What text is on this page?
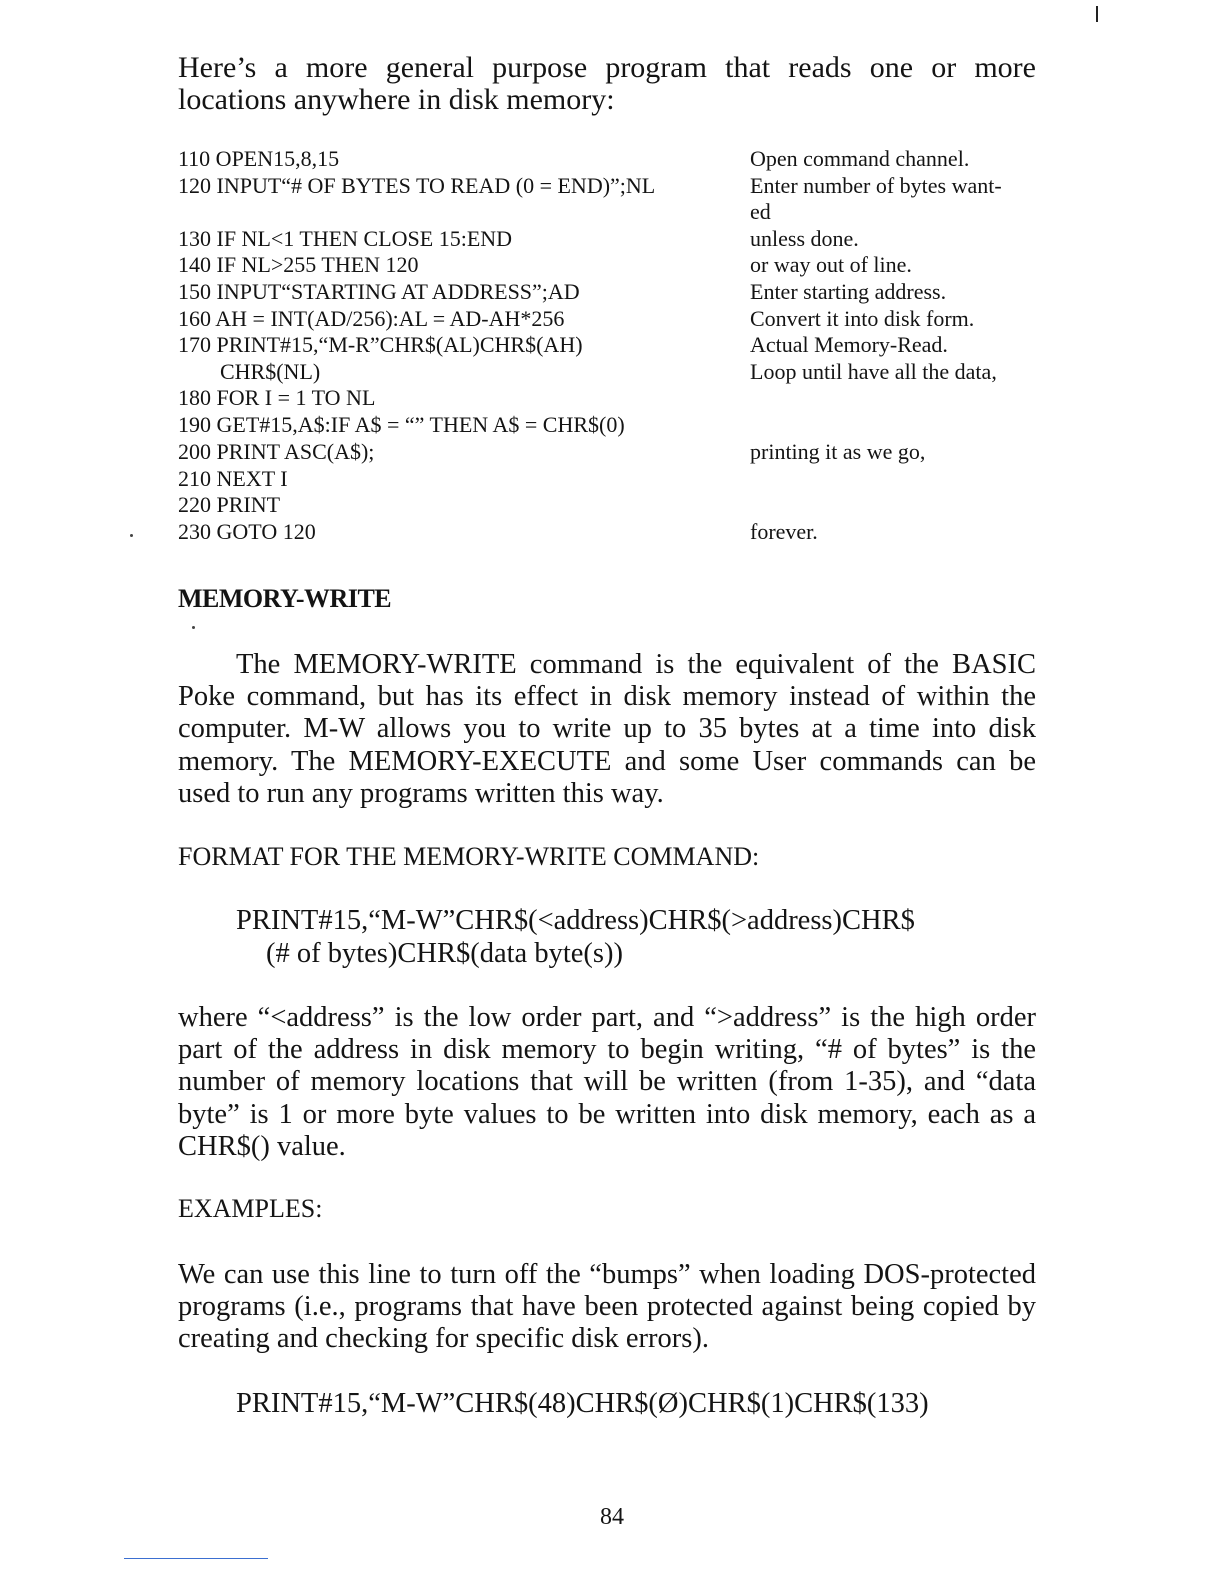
Here’s a more general purpose program that reads one or more locations anywhere in disk memory:

110 OPEN15,8,15	Open command channel.
120 INPUT“# OF BYTES TO READ (0 = END)”;NL	Enter number of bytes want-
ed
130 IF NL<1 THEN CLOSE 15:END	unless done.
140 IF NL>255 THEN 120	or way out of line.
150 INPUT“STARTING AT ADDRESS”;AD	Enter starting address.
160 AH = INT(AD/256):AL = AD-AH*256	Convert it into disk form.
170 PRINT#15,“M-R”CHR$(AL)CHR$(AH)	Actual Memory-Read.
CHR$(NL)	Loop until have all the data,
180 FOR I = 1 TO NL
190 GET#15,A$:IF A$ = “” THEN A$ = CHR$(0)
200 PRINT ASC(A$);	printing it as we go,
210 NEXT I
220 PRINT
230 GOTO 120	forever.
MEMORY-WRITE

The MEMORY-WRITE command is the equivalent of the BASIC Poke command, but has its effect in disk memory instead of within the computer. M-W allows you to write up to 35 bytes at a time into disk memory. The MEMORY-EXECUTE and some User commands can be used to run any programs written this way.

FORMAT FOR THE MEMORY-WRITE COMMAND:

PRINT#15,“M-W”CHR$(<address)CHR$(>address)CHR$
(# of bytes)CHR$(data byte(s))

where “<address” is the low order part, and “>address” is the high order part of the address in disk memory to begin writing, “# of bytes” is the number of memory locations that will be written (from 1-35), and “data byte” is 1 or more byte values to be written into disk memory, each as a CHR$() value.

EXAMPLES:

We can use this line to turn off the “bumps” when loading DOS-protected programs (i.e., programs that have been protected against being copied by creating and checking for specific disk errors).

PRINT#15,“M-W”CHR$(48)CHR$(Ø)CHR$(1)CHR$(133)
84
